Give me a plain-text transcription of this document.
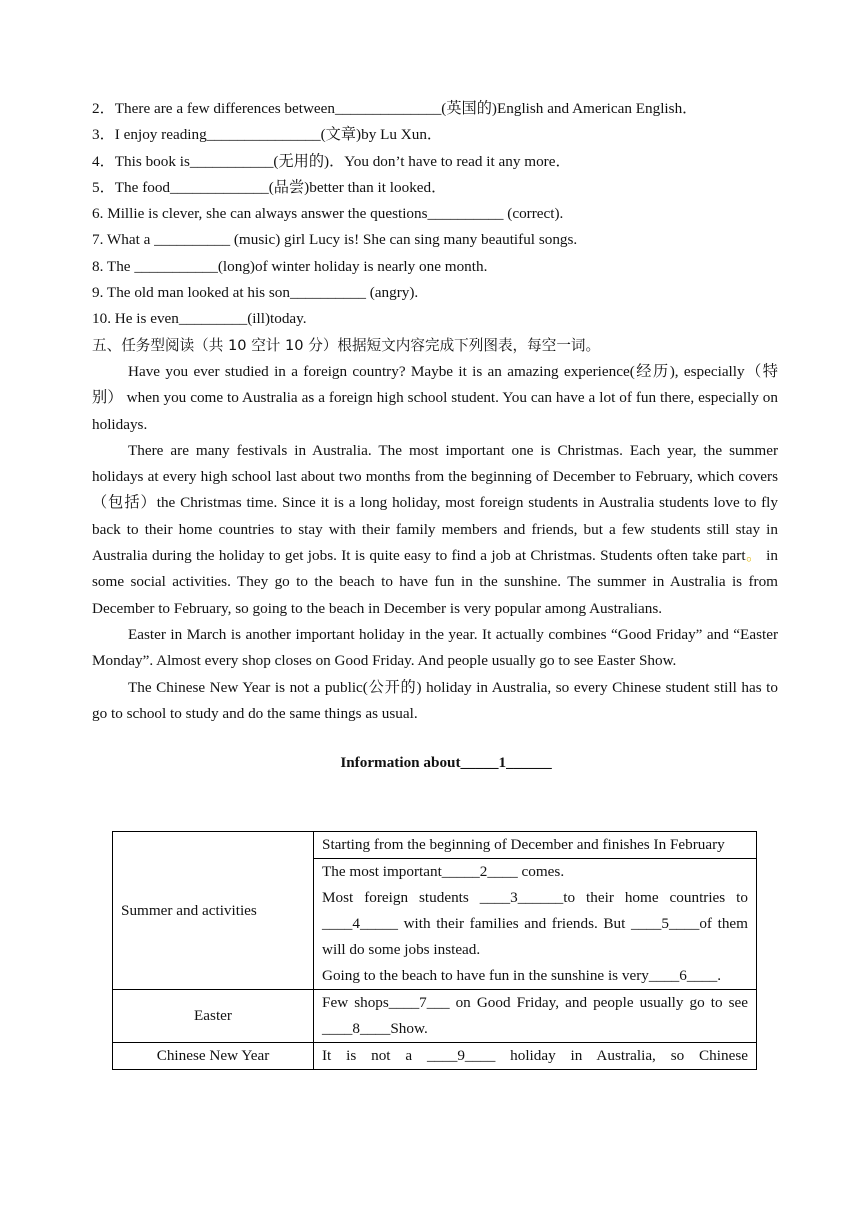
2．There are a few differences between______________(英国的)English and American English．
3．I enjoy reading_______________(文章)by Lu Xun．
4．This book is___________(无用的)．You don’t have to read it any more．
5．The food_____________(品尝)better than it looked．
6. Millie is clever, she can always answer the questions__________ (correct).
7. What a __________ (music) girl Lucy is! She can sing many beautiful songs.
8. The ___________(long)of winter holiday is nearly one month.
9. The old man looked at his son__________ (angry).
10. He is even_________(ill)today.
五、任务型阅读（共 10 空计 10 分）根据短文内容完成下列图表，每空一词。

Have you ever studied in a foreign country? Maybe it is an amazing experience(经历), especially（特别） when you come to Australia as a foreign high school student. You can have a lot of fun there, especially on holidays.

There are many festivals in Australia. The most important one is Christmas. Each year, the summer holidays at every high school last about two months from the beginning of December to February, which covers （包括）the Christmas time. Since it is a long holiday, most foreign students in Australia students love to fly back to their home countries to stay with their family members and friends, but a few students still stay in Australia during the holiday to get jobs. It is quite easy to find a job at Christmas. Students often take part。 in some social activities. They go to the beach to have fun in the sunshine. The summer in Australia is from December to February, so going to the beach in December is very popular among Australians.

Easter in March is another important holiday in the year. It actually combines “Good Friday” and “Easter Monday”. Almost every shop closes on Good Friday. And people usually go to see Easter Show.

The Chinese New Year is not a public(公开的) holiday in Australia, so every Chinese student still has to go to school to study and do the same things as usual.

Information about_____1______
Summer and activities	Starting from the beginning of December and finishes In February

	The most important_____2____ comes.
Most foreign students ____3______to their home countries to ____4_____ with their families and friends. But ____5____of them will do some jobs instead.
Going to the beach to have fun in the sunshine is very____6____.

Easter	Few shops____7___ on Good Friday, and people usually go to see ____8____Show.
Chinese New Year	It is not a ____9____ holiday in Australia, so Chinese
